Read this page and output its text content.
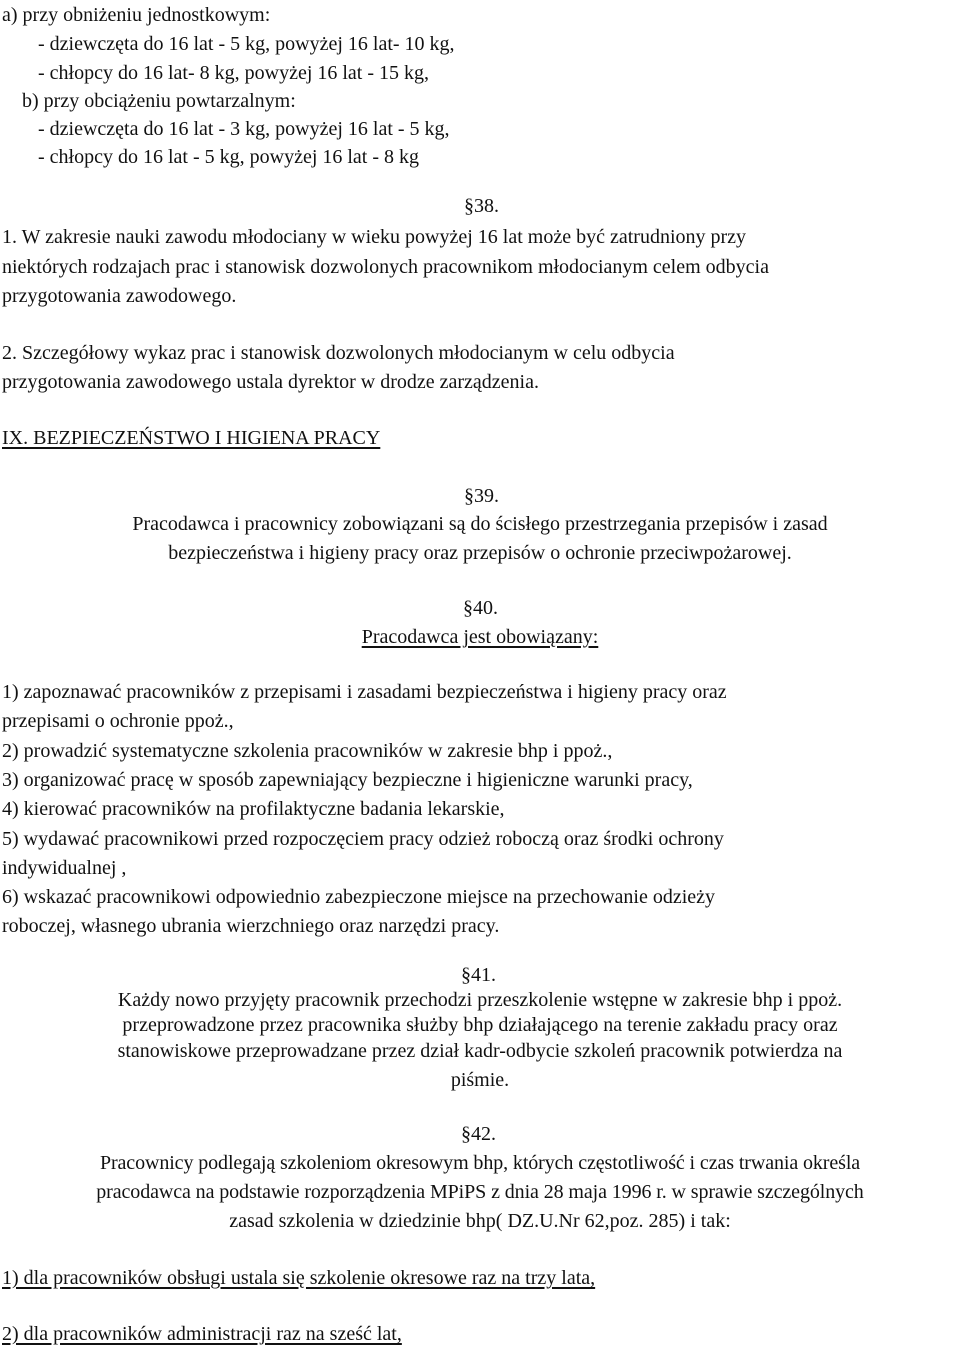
a) przy obniżeniu jednostkowym:

- dziewczęta do 16 lat - 5 kg, powyżej 16 lat- 10 kg,

- chłopcy do 16 lat- 8 kg, powyżej 16 lat - 15 kg,

b) przy obciążeniu powtarzalnym:

- dziewczęta do 16 lat - 3 kg, powyżej 16 lat - 5 kg,

- chłopcy do 16 lat - 5 kg, powyżej 16 lat - 8 kg

§ 38.

1. W zakresie nauki zawodu młodociany w wieku powyżej 16 lat może być zatrudniony przy

niektórych rodzajach prac i stanowisk dozwolonych pracownikom młodocianym celem odbycia

przygotowania zawodowego.

2. Szczegółowy wykaz prac i stanowisk dozwolonych młodocianym w celu odbycia

przygotowania zawodowego ustala dyrektor w drodze zarządzenia.

IX. BEZPIECZEŃSTWO I HIGIENA PRACY

§ 39.

Pracodawca i pracownicy zobowiązani są do ścisłego przestrzegania przepisów i zasad

bezpieczeństwa i higieny pracy oraz przepisów o ochronie przeciwpożarowej.

§ 40.

Pracodawca jest obowiązany:

1) zapoznawać pracowników z przepisami i zasadami bezpieczeństwa i higieny pracy oraz

przepisami o ochronie ppoż.,

2) prowadzić systematyczne szkolenia pracowników w zakresie bhp i ppoż.,

3) organizować pracę w sposób zapewniający bezpieczne i higieniczne warunki pracy,

4) kierować pracowników na profilaktyczne badania lekarskie,

5) wydawać pracownikowi przed rozpoczęciem pracy odzież roboczą oraz środki ochrony

indywidualnej ,

6) wskazać pracownikowi odpowiednio zabezpieczone miejsce na przechowanie odzieży

roboczej, własnego ubrania wierzchniego oraz narzędzi pracy.

§ 41.

Każdy nowo przyjęty pracownik przechodzi przeszkolenie wstępne w zakresie bhp i ppoż.

przeprowadzone przez pracownika służby bhp działającego na terenie zakładu pracy oraz

stanowiskowe przeprowadzane przez dział kadr-odbycie szkoleń pracownik potwierdza na

piśmie.

§ 42.

Pracownicy podlegają szkoleniom okresowym bhp, których częstotliwość i czas trwania określa

pracodawca na podstawie rozporządzenia MPiPS z dnia 28 maja 1996 r. w sprawie szczególnych

zasad szkolenia w dziedzinie bhp( DZ.U.Nr 62,poz. 285) i tak:

1) dla pracowników obsługi ustala się szkolenie okresowe raz na trzy lata,

2) dla pracowników administracji raz na sześć lat,
